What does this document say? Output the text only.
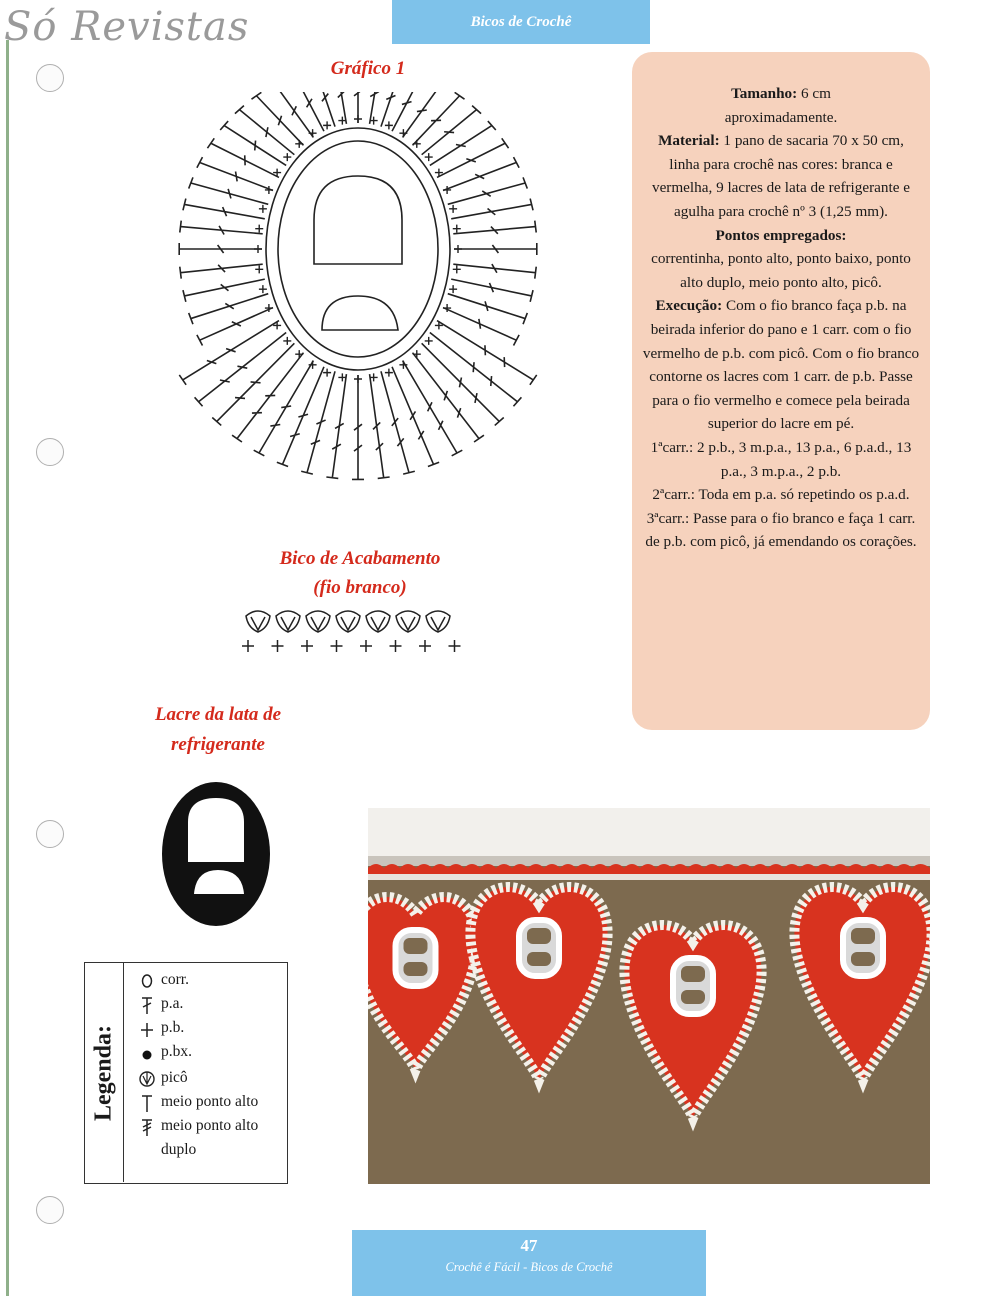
Só Revistas	Bicos de Crochê
Gráfico 1
Bico de Acabamento
(fio branco)
Lacre da lata de
refrigerante

Tamanho: 6 cm
aproximadamente.

Material: 1 pano de sacaria 70 x 50 cm, linha para crochê nas cores: branca e vermelha, 9 lacres de lata de refrigerante e agulha para crochê nº 3 (1,25 mm).

Pontos empregados:
correntinha, ponto alto, ponto baixo, ponto alto duplo, meio ponto alto, picô.

Execução: Com o fio branco faça p.b. na beirada inferior do pano e 1 carr. com o fio vermelho de p.b. com picô. Com o fio branco contorne os lacres com 1 carr. de p.b. Passe para o fio vermelho e comece pela beirada superior do lacre em pé.

1ªcarr.: 2 p.b., 3 m.p.a., 13 p.a., 6 p.a.d., 13 p.a., 3 m.p.a., 2 p.b.

2ªcarr.: Toda em p.a. só repetindo os p.a.d.

3ªcarr.: Passe para o fio branco e faça 1 carr. de p.b. com picô, já emendando os corações.

Legenda:
corr.
p.a.
p.b.
p.bx.
picô
meio ponto alto
meio ponto alto
duplo
47
Crochê é Fácil - Bicos de Crochê
